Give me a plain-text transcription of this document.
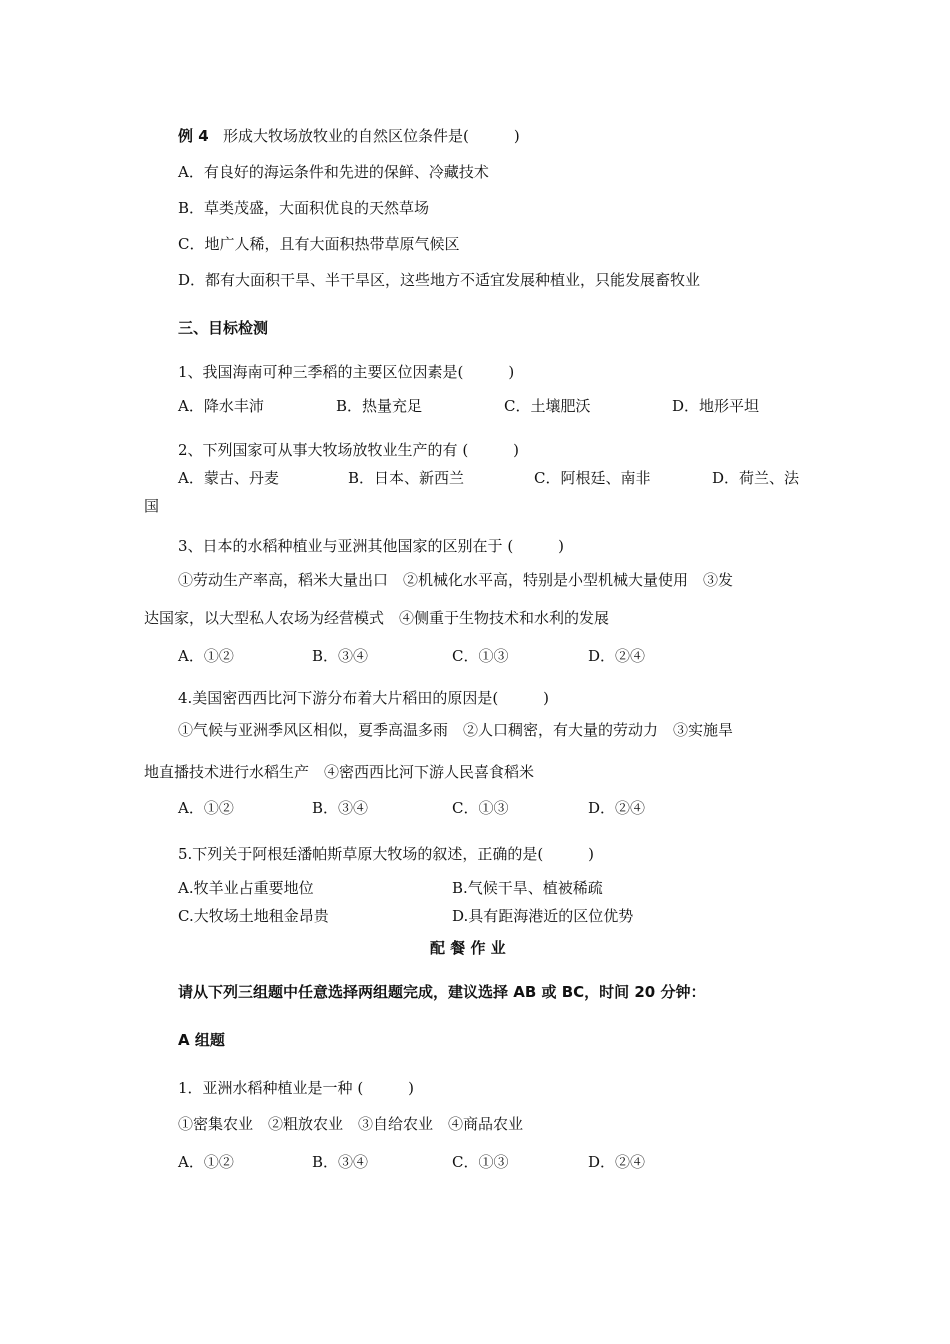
例 4 形成大牧场放牧业的自然区位条件是(　　　)
A．有良好的海运条件和先进的保鲜、冷藏技术
B．草类茂盛，大面积优良的天然草场
C．地广人稀，且有大面积热带草原气候区
D．都有大面积干旱、半干旱区，这些地方不适宜发展种植业，只能发展畜牧业
三、目标检测
1、我国海南可种三季稻的主要区位因素是(　　　)
A．降水丰沛	B．热量充足	C．土壤肥沃	D．地形平坦
2、下列国家可从事大牧场放牧业生产的有 (　　　)
A．蒙古、丹麦	B．日本、新西兰	C．阿根廷、南非	D．荷兰、法
国
3、日本的水稻种植业与亚洲其他国家的区别在于 (　　　)
①劳动生产率高，稻米大量出口　②机械化水平高，特别是小型机械大量使用　③发
达国家，以大型私人农场为经营模式　④侧重于生物技术和水利的发展
A．①②	B．③④	C．①③	D．②④
4.美国密西西比河下游分布着大片稻田的原因是(　　　)
①气候与亚洲季风区相似，夏季高温多雨　②人口稠密，有大量的劳动力　③实施旱
地直播技术进行水稻生产　④密西西比河下游人民喜食稻米
A．①②	B．③④	C．①③	D．②④
5.下列关于阿根廷潘帕斯草原大牧场的叙述，正确的是(　　　)
A.牧羊业占重要地位	B.气候干旱、植被稀疏
C.大牧场土地租金昂贵	D.具有距海港近的区位优势
配 餐 作 业
请从下列三组题中任意选择两组题完成，建议选择 AB 或 BC，时间 20 分钟：
A 组题
1．亚洲水稻种植业是一种 (　　　)
①密集农业　②粗放农业　③自给农业　④商品农业
A．①②	B．③④	C．①③	D．②④
